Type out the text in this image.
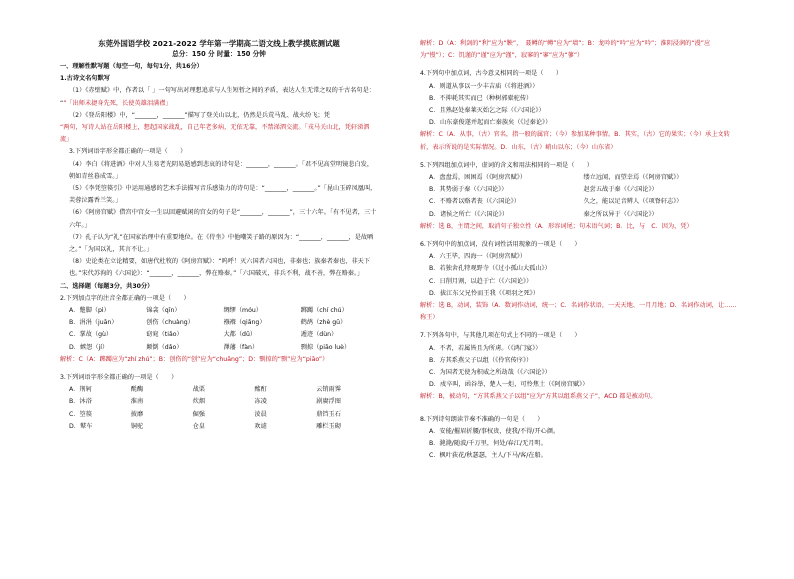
东莞外国语学校 2021-2022 学年第一学期高二语文线上教学摸底测试题
总分：150 分 时量：150 分钟
一、理解性默写题（每空一句，每句1分，共16分）
1.古诗文名句默写
（1）《赤壁赋》中，作者以「 」一句写出对理想追求与人生短暂之间的矛盾，表达人生无常之叹的千古名句是：
“”「出师未捷身先死，长使英雄泪满襟」
（2）《登岳阳楼》中，“_______，_______”描写了登关山以北，仍然是兵荒马乱、战火纷飞；凭
“两句，写诗人站在岳阳楼上，想起国家战乱，自己年老多病，无依无靠，不禁涕泗交流。「戎马关山北，凭轩涕泗流」
3.下列词语字形全都正确的一项是（　　）
（4）李白《将进酒》中对人生易老光阴易逝感到悲哀的诗句是：_______，_______。「君不见高堂明镜悲白发，朝如青丝暮成雪。」
（5）《李凭箜篌引》中运用通感的艺术手法描写音乐感染力的诗句是：“_______，_______。”「昆山玉碎凤凰叫，芙蓉泣露香兰笑。」
（6）《阿房宫赋》借宫中宫女一生以回避赋闲的宫女的句子是“_______，_______”，三十六年。「有不见者，三十六年。」
（7）孔子认为“礼”在国家治理中有重要地位。在《侍坐》中他嘲笑子路的原因为：“_______，_______，是故哂之。”「为国以礼，其言不让。」
（8）史论类在立论精要，如唐代杜牧的《阿房宫赋》：“呜呼！灭六国者六国也，非秦也；族秦者秦也，非天下也。”宋代苏洵的《六国论》：“_______，_______，弊在赂秦。”「六国破灭，非兵不利，战不善，弊在赂秦。」
二、选择题（每题3分，共30分）
2.下列加点字的注音全都正确的一项是（　　）
A．蹩脚（pì）	锦衾（qīn）	绸缪（móu）	踯躅（chí chú）
B．涓涓（juān）	创伤（chuàng）	襁褓（qiǎng）	鹤鸪（zhè gū）
C．掌故（gù）	窈窕（tiǎo）	大都（dū）	遁迹（dùn）
D．嫉怨（jí）	颠倒（dǎo）	澤藩（fàn）	剽掠（piāo luè）
解析：C（A：踯躅应为“zhí zhú”；B：创伤的“创”应为“chuāng”；D：剽掠的“剽”应为“piāo”）
3.下列词语字形全都正确的一项是（　　）
A．荆轲	酕醄	战栗	酩酊	云销雨霁
B．沐浴	淮南	炊烟	冻凌	剧赓浮图
C．箜篌	披靡	倔强	淩晨	鼎铛玉石
D．鼙车	铜驼	仓皇	欢谑	雕栏玉砌
解析：D（A：利剑的“利”应为“鞅”，　聂鳟的“鳟”应为“墙”；B：龙吟的“吟”应为“吟”；淮阴浸润的“漫”应为“慢”）；C：饥谨的“谨”应为“馑”，寂寥的“寥”应为“蓼”）
4.下列句中加点词，古今意义相同的一项是（　　）
A．则道从事以一少丰吉庙（《将进酒》）
B．不抑耗其实而已（种树郭橐驼传）
C．且熟赵处秦莱灭始乞之际（《六国论》）
D．山东豪俊遂并起而亡秦族矣（《过秦论》）
解析：C（A．从事，（古）官名，指一般的属官；（今）参加某种事情。B．其实，（古）它的果实；（今）承上文转折，表示所说的是实际情况。D．山东，（古）峭山以东；（今）山东省）
5.下列四组加点词中，虚词的含义和用法相同的一项是（　　）
A．盘盘焉，困困焉（《阿房宫赋》）	缕立远闻，而望幸焉（《阿房宫赋》）
B．其势弱于秦（《六国论》）	赵尝五战于秦（《六国论》）
C．不赂者以赂者丧（《六国论》）	久之，能以足音辨人（《项脊轩志》）
D．诸侯之所亡（《六国论》）	秦之所以异于（《六国论》）
解析：选 B，主谓之间，取消句子独立性（A．形容词尾；句末语气词；B．比，与　C．因为，凭）
6.下列句中的加点词，没有词性活用现象的一项是（　　）
A．六王毕，四海一（《阿房宫赋》）
B．若独舍孔特观野寺（《过小孤山大孤山》）
C．日削月割，以趋于亡（《六国论》）
D．拔江东父兄怜而王我（《项羽之死》）
解析：选 B，动词，装饰（A．数词作动词，统一；C．名词作状语，一天天地、一月月地；D．名词作动词，让……称王）
7.下列各句中，与其他几项在句式上不同的一项是（　　）
A．不者，若属皆且为所虏。（《鸿门宴》）
B．方其系燕父子以组（《伶官传序》）
C．为国者无使为积威之所劫哉（《六国论》）
D．戍卒叫，函谷举，楚人一炬，可怜焦土（《阿房宫赋》）
解析：B，被动句，“方其系燕父子以组”应为“方其以组系燕父子”，ACD 都是被动句。
8.下列诗句朗读节奏不准确的一句是（　　）
A．安能/摧眉折腰/事权贵，使我/不得/开心颜。
B．滟滟/随波/千万里，何处/春江/无月明。
C．枫叶荻花/秋瑟瑟，主人/下马/客/在船。
